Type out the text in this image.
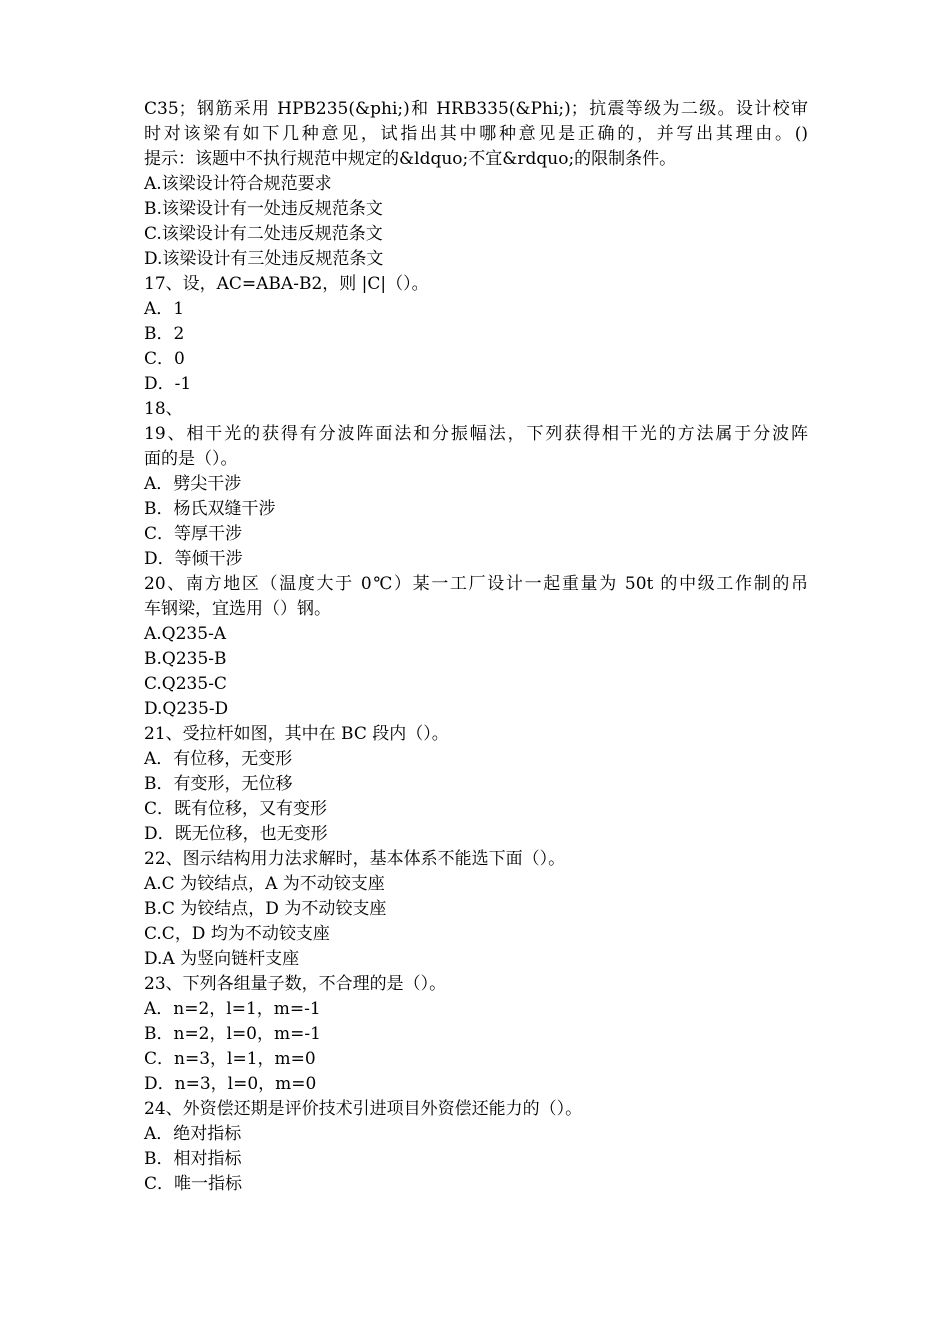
C35；钢筋采用 HPB235(&phi;)和 HRB335(&Phi;)；抗震等级为二级。设计校审
时对该梁有如下几种意见，试指出其中哪种意见是正确的，并写出其理由。()
提示：该题中不执行规范中规定的&ldquo;不宜&rdquo;的限制条件。
A.该梁设计符合规范要求
B.该梁设计有一处违反规范条文
C.该梁设计有二处违反规范条文
D.该梁设计有三处违反规范条文
17、设，AC=ABA-B2，则 |C|（）。
A．1
B．2
C．0
D．-1
18、
19、相干光的获得有分波阵面法和分振幅法，下列获得相干光的方法属于分波阵
面的是（）。
A．劈尖干涉
B．杨氏双缝干涉
C．等厚干涉
D．等倾干涉
20、南方地区（温度大于 0℃）某一工厂设计一起重量为 50t 的中级工作制的吊
车钢梁，宜选用（）钢。
A.Q235-A
B.Q235-B
C.Q235-C
D.Q235-D
21、受拉杆如图，其中在 BC 段内（）。
A．有位移，无变形
B．有变形，无位移
C．既有位移，又有变形
D．既无位移，也无变形
22、图示结构用力法求解时，基本体系不能选下面（）。
A.C 为铰结点，A 为不动铰支座
B.C 为铰结点，D 为不动铰支座
C.C，D 均为不动铰支座
D.A 为竖向链杆支座
23、下列各组量子数，不合理的是（）。
A．n=2，l=1，m=-1
B．n=2，l=0，m=-1
C．n=3，l=1，m=0
D．n=3，l=0，m=0
24、外资偿还期是评价技术引进项目外资偿还能力的（）。
A．绝对指标
B．相对指标
C．唯一指标
